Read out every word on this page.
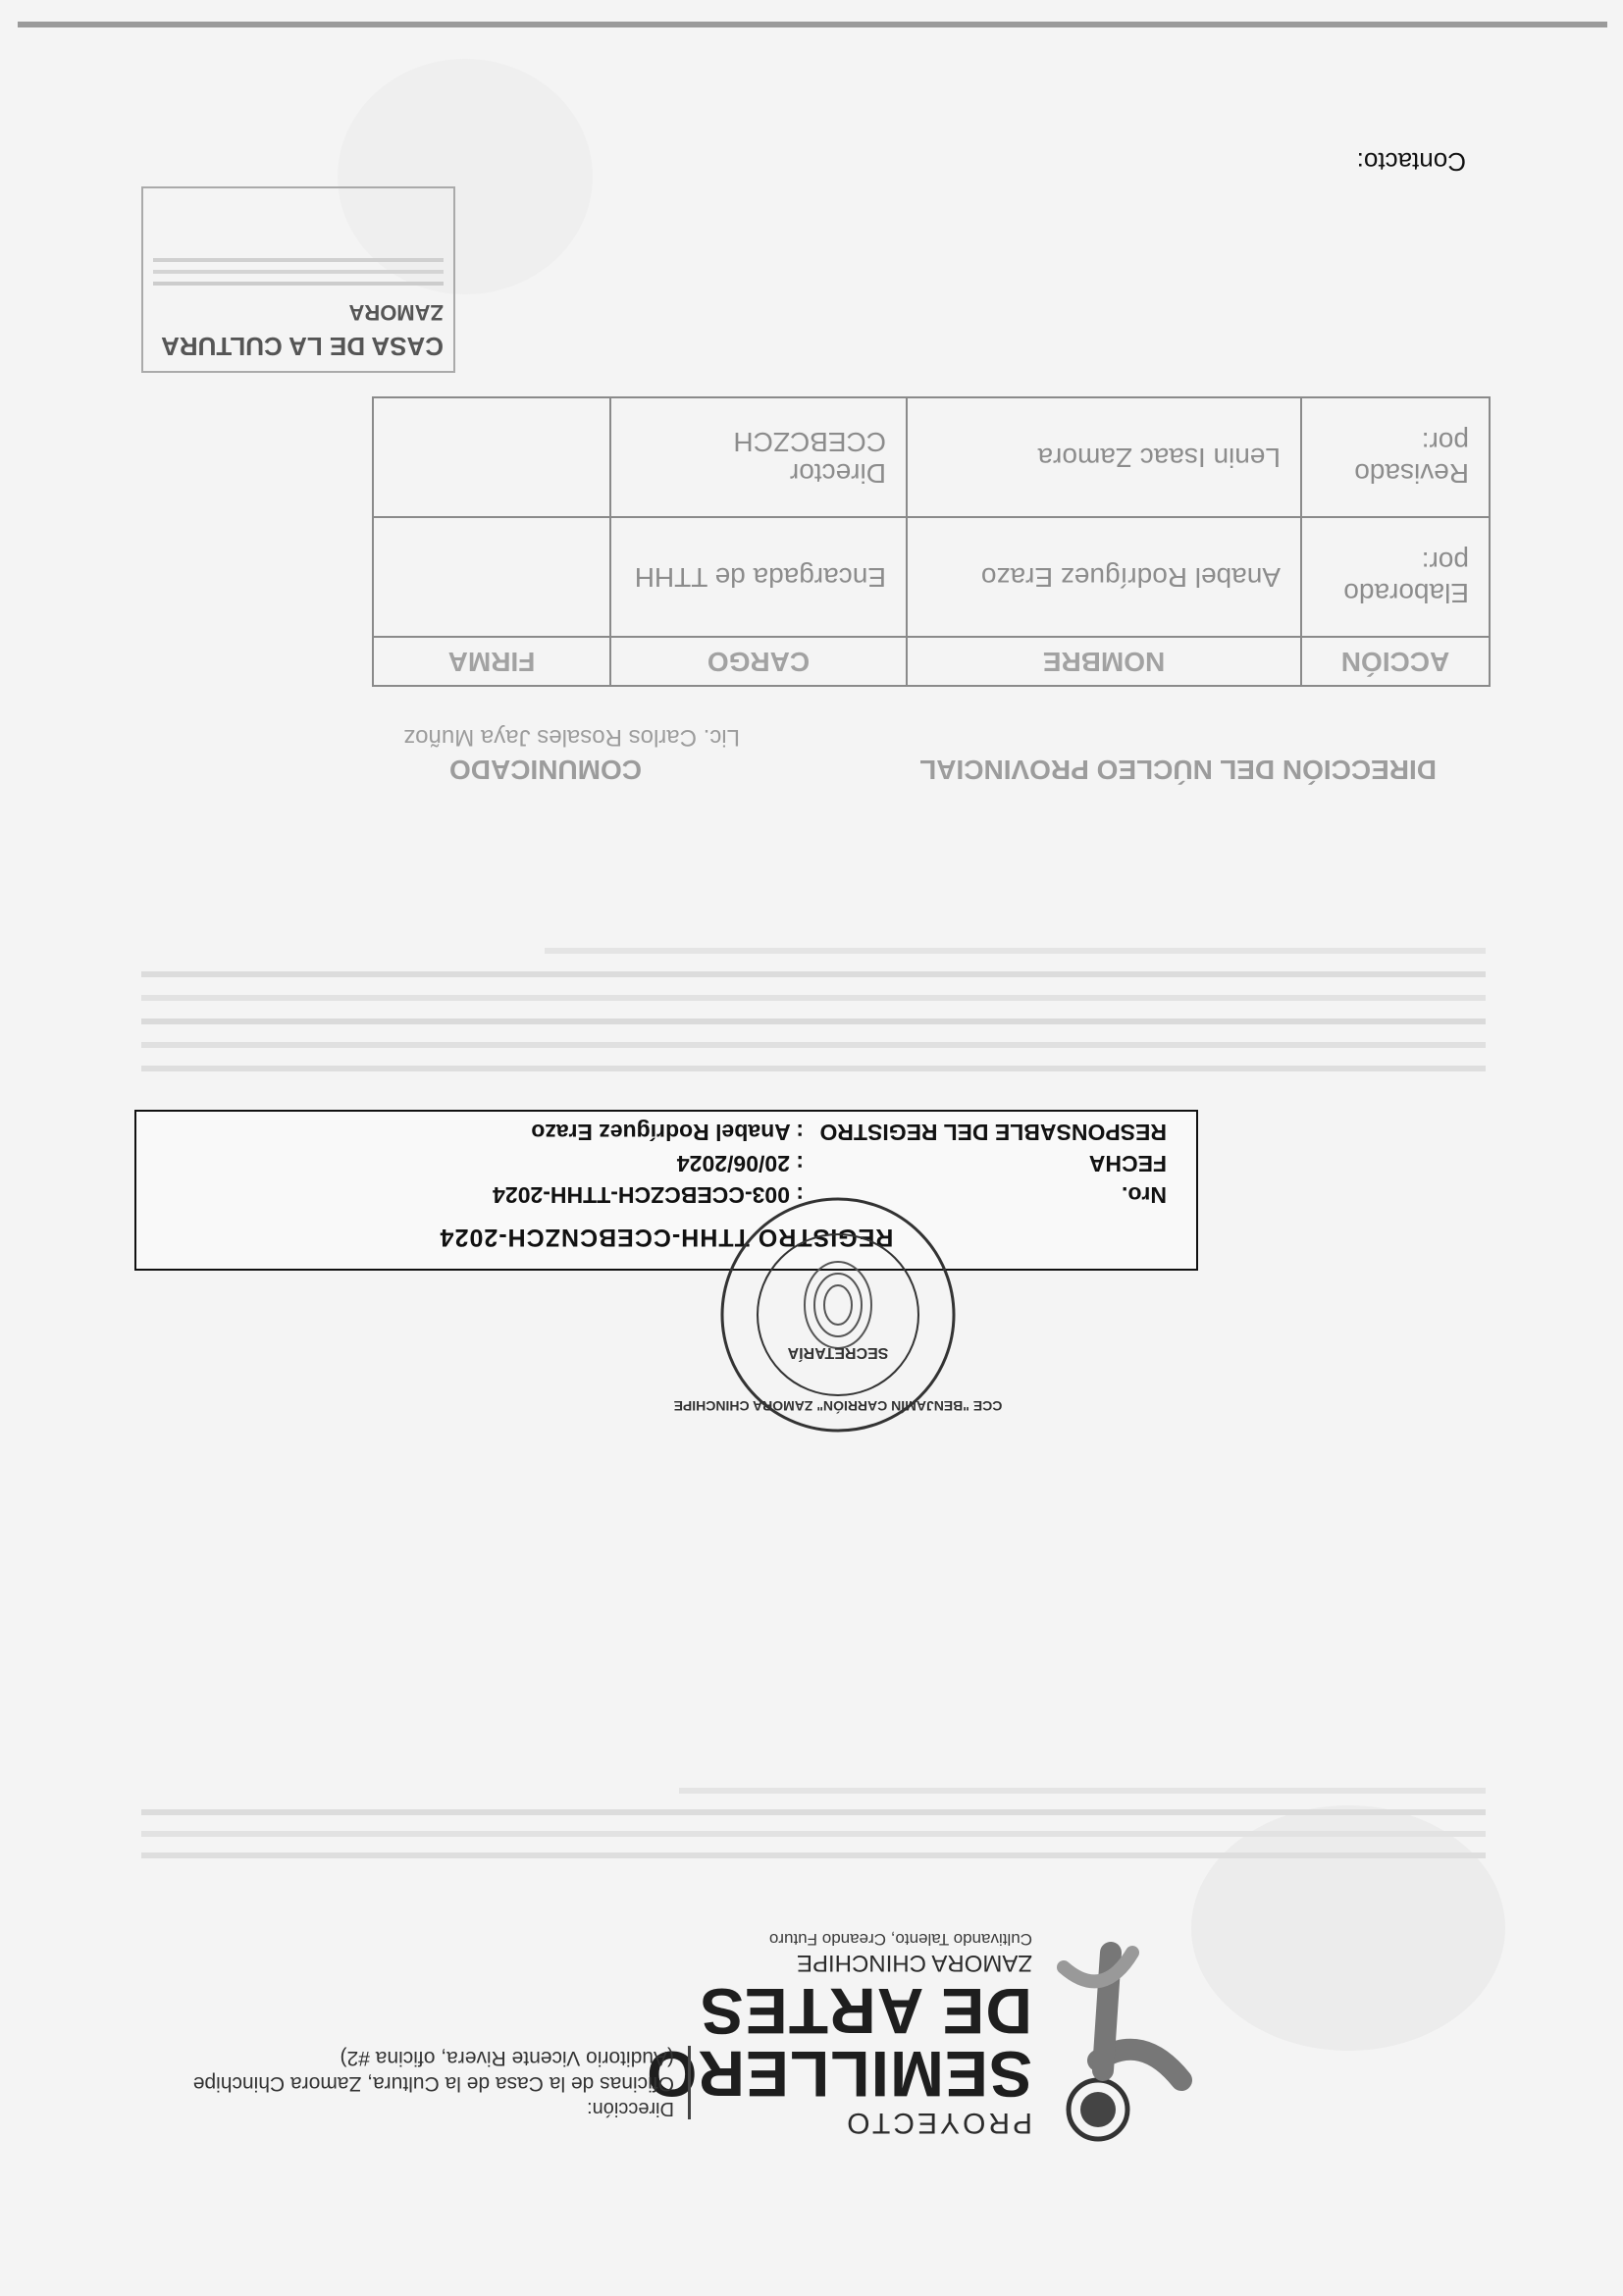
PROYECTO
SEMILLERO
DE ARTES
ZAMORA CHINCHIPE
Cultivando Talento, Creando Futuro
Dirección:
Oficinas de la Casa de la Cultura, Zamora Chinchipe
(Auditorio Vicente Rivera, oficina #2)
REGISTRO TTHH-CCEBCNZCH-2024
Nro.: 003-CCEBCZCH-TTHH-2024
FECHA: 20/06/2024
RESPONSABLE DEL REGISTRO: Anabel Rodríguez Erazo
SECRETARÍA
CCE "BENJAMÍN CARRIÓN" ZAMORA CHINCHIPE
DIRECCIÓN DEL NÚCLEO PROVINCIAL
COMUNICADO
Lic. Carlos Rosales Jaya Muñoz
ACCIÓN	NOMBRE	CARGO	FIRMA
Elaborado por:	Anabel Rodríguez Erazo	Encargada de TTHH	
Revisado por:	Lenin Isaac Zamora	Director CCEBCZCH	
CASA DE LA CULTURA
ZAMORA
Contacto:
